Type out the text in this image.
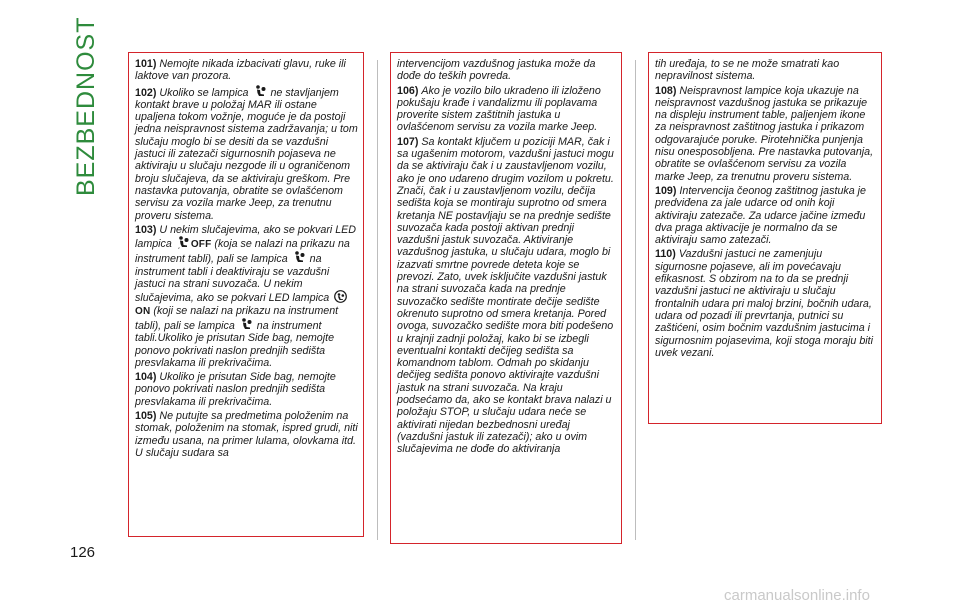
BEZBEDNOST
126

101) Nemojte nikada izbacivati glavu, ruke ili laktove van prozora.

102) Ukoliko se lampica ne stavljanjem kontakt brave u položaj MAR ili ostane upaljena tokom vožnje, moguće je da postoji jedna neispravnost sistema zadržavanja; u tom slučaju moglo bi se desiti da se vazdušni jastuci ili zatezači sigurnosnih pojaseva ne aktiviraju u slučaju nezgode ili u ograničenom broju slučajeva, da se aktiviraju greškom. Pre nastavka putovanja, obratite se ovlašćenom servisu za vozila marke Jeep, za trenutnu proveru sistema.

103) U nekim slučajevima, ako se pokvari LED lampica	2 OFF (koja se nalazi na prikazu na instrument tabli), pali se lampica na instrument tabli i deaktiviraju se vazdušni jastuci na strani suvozača. U nekim slučajevima, ako se pokvari LED lampica ON (koji se nalazi na prikazu na instrument tabli), pali se lampica na instrument tabli.Ukoliko je prisutan Side bag, nemojte ponovo pokrivati naslon prednjih sedišta presvlakama ili prekrivačima.

104) Ukoliko je prisutan Side bag, nemojte ponovo pokrivati naslon prednjih sedišta presvlakama ili prekrivačima.

105) Ne putujte sa predmetima položenim na stomak, položenim na stomak, ispred grudi, niti između usana, na primer lulama, olovkama itd. U slučaju sudara sa

intervencijom vazdušnog jastuka može da dođe do teških povreda.

106) Ako je vozilo bilo ukradeno ili izloženo pokušaju krađe i vandalizmu ili poplavama proverite sistem zaštitnih jastuka u ovlašćenom servisu za vozila marke Jeep.

107) Sa kontakt ključem u poziciji MAR, čak i sa ugašenim motorom, vazdušni jastuci mogu da se aktiviraju čak i u zaustavljenom vozilu, ako je ono udareno drugim vozilom u pokretu. Znači, čak i u zaustavljenom vozilu, dečija sedišta koja se montiraju suprotno od smera kretanja NE postavljaju se na prednje sedište suvozača kada postoji aktivan prednji vazdušni jastuk suvozača. Aktiviranje vazdušnog jastuka, u slučaju udara, moglo bi izazvati smrtne povrede deteta koje se prevozi. Zato, uvek isključite vazdušni jastuk na strani suvozača kada na prednje suvozačko sedište montirate dečije sedište okrenuto suprotno od smera kretanja. Pored ovoga, suvozačko sedište mora biti podešeno u krajnji zadnji položaj, kako bi se izbegli eventualni kontakti dečijeg sedišta sa komandnom tablom. Odmah po skidanju dečijeg sedišta ponovo aktivirajte vazdušni jastuk na strani suvozača. Na kraju podsećamo da, ako se kontakt brava nalazi u položaju STOP, u slučaju udara neće se aktivirati nijedan bezbednosni uređaj (vazdušni jastuk ili zatezači); ako u ovim slučajevima ne dođe do aktiviranja

tih uređaja, to se ne može smatrati kao nepravilnost sistema.

108) Neispravnost lampice koja ukazuje na neispravnost vazdušnog jastuka se prikazuje na displeju instrument table, paljenjem ikone za neispravnost zaštitnog jastuka i prikazom odgovarajuće poruke. Pirotehnička punjenja nisu onesposobljena. Pre nastavka putovanja, obratite se ovlašćenom servisu za vozila marke Jeep, za trenutnu proveru sistema.

109) Intervencija čeonog zaštitnog jastuka je predviđena za jale udarce od onih koji aktiviraju zatezače. Za udarce jačine između dva praga aktivacije je normalno da se aktiviraju samo zatezači.

110) Vazdušni jastuci ne zamenjuju sigurnosne pojaseve, ali im povećavaju efikasnost. S obzirom na to da se prednji vazdušni jastuci ne aktiviraju u slučaju frontalnih udara pri maloj brzini, bočnih udara, udara od pozadi ili prevrtanja, putnici su zaštićeni, osim bočnim vazdušnim jastucima i sigurnosnim pojasevima, koji stoga moraju biti uvek vezani.

carmanualsonline.info
